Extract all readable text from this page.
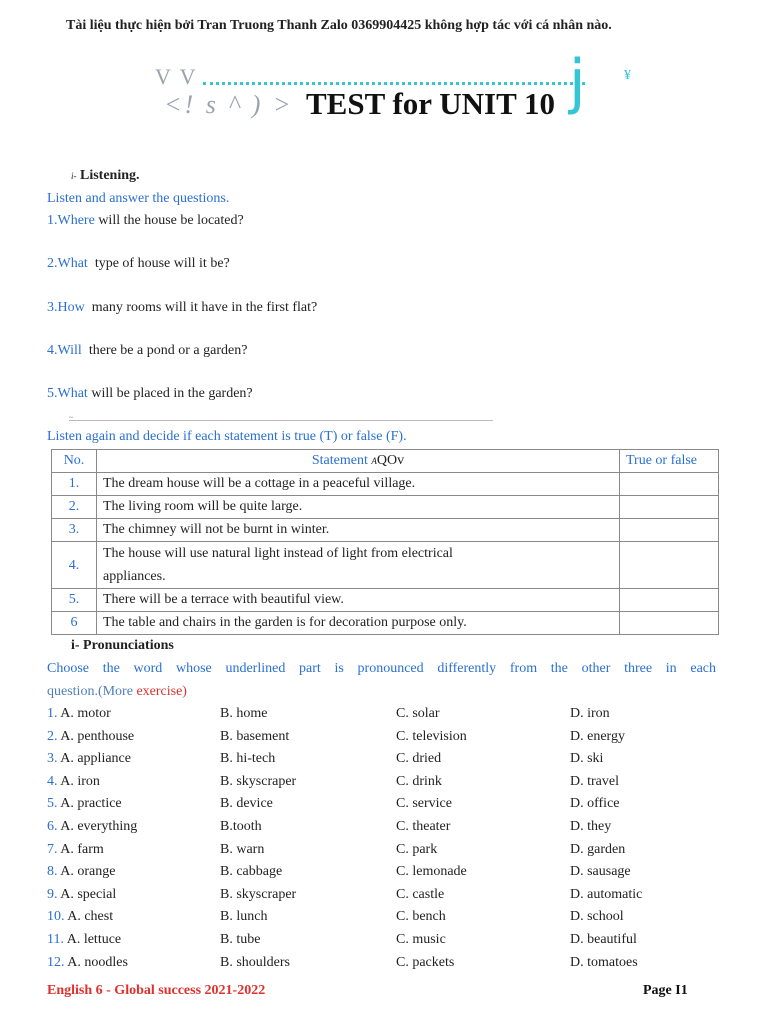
Tài liệu thực hiện bởi Tran Truong Thanh Zalo 0369904425 không hợp tác với cá nhân nào.
V V	j	¥
<! s ^ ) > TEST for UNIT 10
i- Listening.
Listen and answer the questions.
1.Where will the house be located?
2.What  type of house will it be?
3.How  many rooms will it have in the first flat?
4.Will  there be a pond or a garden?
5.What will be placed in the garden?
~
Listen again and decide if each statement is true (T) or false (F).
No.	Statement AQOv	True or false
1.	The dream house will be a cottage in a peaceful village.	
2.	The living room will be quite large.	
3.	The chimney will not be burnt in winter.	
4.	The house will use natural light instead of light from electrical
appliances.	

5.	There will be a terrace with beautiful view.	
6	The table and chairs in the garden is for decoration purpose only.	
i- Pronunciations
Choose the word whose underlined part is pronounced differently from the other three in each
question.(More exercise)
1. A. motor	B. home	C. solar	D. iron
2. A. penthouse	B. basement	C. television	D. energy
3. A. appliance	B. hi-tech	C. dried	D. ski
4. A. iron	B. skyscraper	C. drink	D. travel
5. A. practice	B. device	C. service	D. office
6. A. everything	B.tooth	C. theater	D. they
7. A. farm	B. warn	C. park	D. garden
8. A. orange	B. cabbage	C. lemonade	D. sausage
9. A. special	B. skyscraper	C. castle	D. automatic
10. A. chest	B. lunch	C. bench	D. school
11. A. lettuce	B. tube	C. music	D. beautiful
12. A. noodles	B. shoulders	C. packets	D. tomatoes
English 6 - Global success 2021-2022	Page I1
